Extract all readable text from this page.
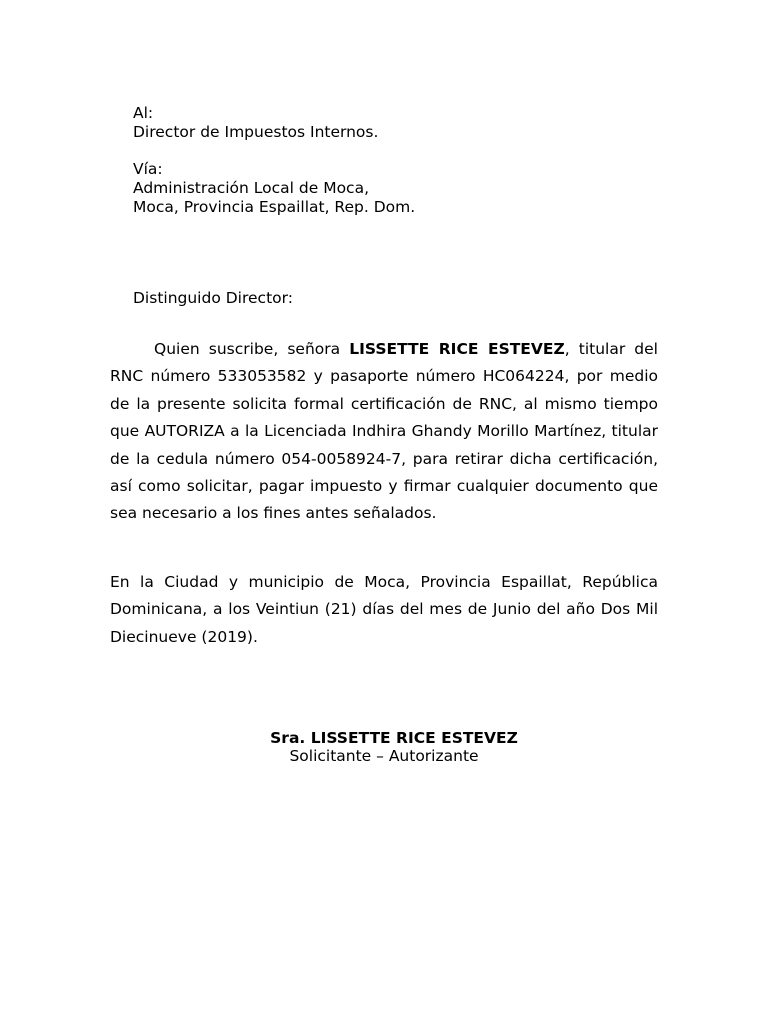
Al:
Director de Impuestos Internos.
Vía:
Administración Local de Moca,
Moca, Provincia Espaillat, Rep. Dom.
Distinguido Director:
Quien suscribe, señora LISSETTE RICE ESTEVEZ, titular del RNC número 533053582 y pasaporte número HC064224, por medio de la presente solicita formal certificación de RNC, al mismo tiempo que AUTORIZA a la Licenciada Indhira Ghandy Morillo Martínez, titular de la cedula número 054-0058924-7, para retirar dicha certificación, así como solicitar, pagar impuesto y firmar cualquier documento que sea necesario a los fines antes señalados.
En la Ciudad y municipio de Moca, Provincia Espaillat, República Dominicana, a los Veintiun (21) días del mes de Junio del año Dos Mil Diecinueve (2019).
Sra. LISSETTE RICE ESTEVEZ
Solicitante – Autorizante
